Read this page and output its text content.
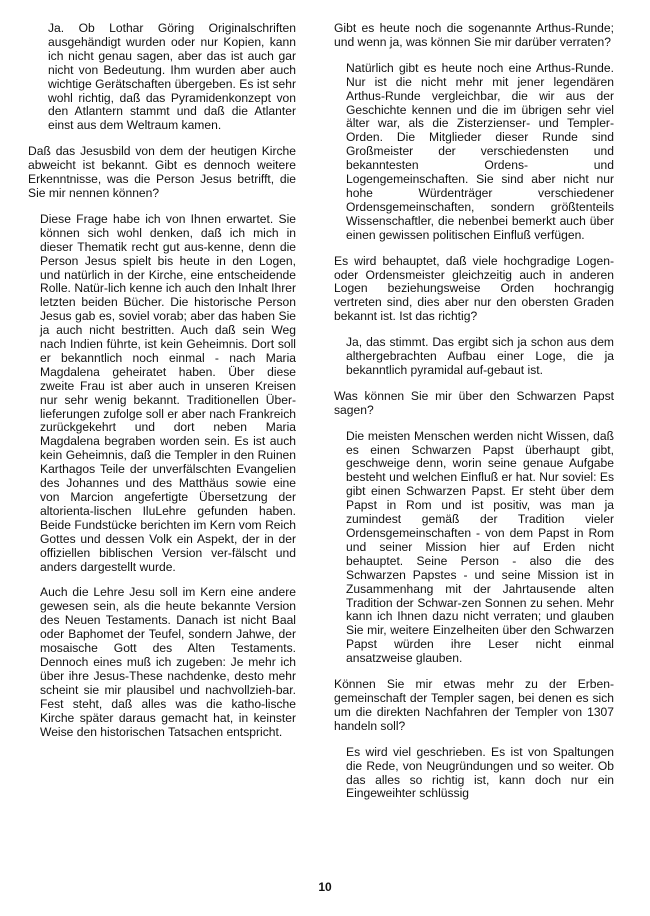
Ja. Ob Lothar Göring Originalschriften ausgehändigt wurden oder nur Kopien, kann ich nicht genau sagen, aber das ist auch gar nicht von Bedeutung. Ihm wurden aber auch wichtige Gerätschaften übergeben. Es ist sehr wohl richtig, daß das Pyramidenkonzept von den Atlantern stammt und daß die Atlanter einst aus dem Weltraum kamen.

Daß das Jesusbild von dem der heutigen Kirche abweicht ist bekannt. Gibt es dennoch weitere Erkenntnisse, was die Person Jesus betrifft, die Sie mir nennen können?

Diese Frage habe ich von Ihnen erwartet. Sie können sich wohl denken, daß ich mich in dieser Thematik recht gut aus-kenne, denn die Person Jesus spielt bis heute in den Logen, und natürlich in der Kirche, eine entscheidende Rolle. Natür-lich kenne ich auch den Inhalt Ihrer letzten beiden Bücher. Die historische Person Jesus gab es, soviel vorab; aber das haben Sie ja auch nicht bestritten. Auch daß sein Weg nach Indien führte, ist kein Geheimnis. Dort soll er bekanntlich noch einmal - nach Maria Magdalena geheiratet haben. Über diese zweite Frau ist aber auch in unseren Kreisen nur sehr wenig bekannt. Traditionellen Über-lieferungen zufolge soll er aber nach Frankreich zurückgekehrt und dort neben Maria Magdalena begraben worden sein. Es ist auch kein Geheimnis, daß die Templer in den Ruinen Karthagos Teile der unverfälschten Evangelien des Johannes und des Matthäus sowie eine von Marcion angefertigte Übersetzung der altorienta-lischen IluLehre gefunden haben. Beide Fundstücke berichten im Kern vom Reich Gottes und dessen Volk ein Aspekt, der in der offiziellen biblischen Version ver-fälscht und anders dargestellt wurde.

Auch die Lehre Jesu soll im Kern eine andere gewesen sein, als die heute bekannte Version des Neuen Testaments. Danach ist nicht Baal oder Baphomet der Teufel, sondern Jahwe, der mosaische Gott des Alten Testaments. Dennoch eines muß ich zugeben: Je mehr ich über ihre Jesus-These nachdenke, desto mehr scheint sie mir plausibel und nachvollzieh-bar. Fest steht, daß alles was die katho-lische Kirche später daraus gemacht hat, in keinster Weise den historischen Tatsachen entspricht.

Gibt es heute noch die sogenannte Arthus-Runde; und wenn ja, was können Sie mir darüber verraten?

Natürlich gibt es heute noch eine Arthus-Runde. Nur ist die nicht mehr mit jener legendären Arthus-Runde vergleichbar, die wir aus der Geschichte kennen und die im übrigen sehr viel älter war, als die Zisterzienser- und Templer-Orden. Die Mitglieder dieser Runde sind Großmeister der verschiedensten und bekanntesten Ordens- und Logengemeinschaften. Sie sind aber nicht nur hohe Würdenträger verschiedener Ordensgemeinschaften, sondern größtenteils Wissenschaftler, die nebenbei bemerkt auch über einen gewissen politischen Einfluß verfügen.

Es wird behauptet, daß viele hochgradige Logen- oder Ordensmeister gleichzeitig auch in anderen Logen beziehungsweise Orden hochrangig vertreten sind, dies aber nur den obersten Graden bekannt ist. Ist das richtig?

Ja, das stimmt. Das ergibt sich ja schon aus dem althergebrachten Aufbau einer Loge, die ja bekanntlich pyramidal auf-gebaut ist.

Was können Sie mir über den Schwarzen Papst sagen?

Die meisten Menschen werden nicht Wissen, daß es einen Schwarzen Papst überhaupt gibt, geschweige denn, worin seine genaue Aufgabe besteht und welchen Einfluß er hat. Nur soviel: Es gibt einen Schwarzen Papst. Er steht über dem Papst in Rom und ist positiv, was man ja zumindest gemäß der Tradition vieler Ordensgemeinschaften - von dem Papst in Rom und seiner Mission hier auf Erden nicht behauptet. Seine Person - also die des Schwarzen Papstes - und seine Mission ist in Zusammenhang mit der Jahrtausende alten Tradition der Schwar-zen Sonnen zu sehen. Mehr kann ich Ihnen dazu nicht verraten; und glauben Sie mir, weitere Einzelheiten über den Schwarzen Papst würden ihre Leser nicht einmal ansatzweise glauben.

Können Sie mir etwas mehr zu der Erben-gemeinschaft der Templer sagen, bei denen es sich um die direkten Nachfahren der Templer von 1307 handeln soll?

Es wird viel geschrieben. Es ist von Spaltungen die Rede, von Neugründungen und so weiter. Ob das alles so richtig ist, kann doch nur ein Eingeweihter schlüssig

10
